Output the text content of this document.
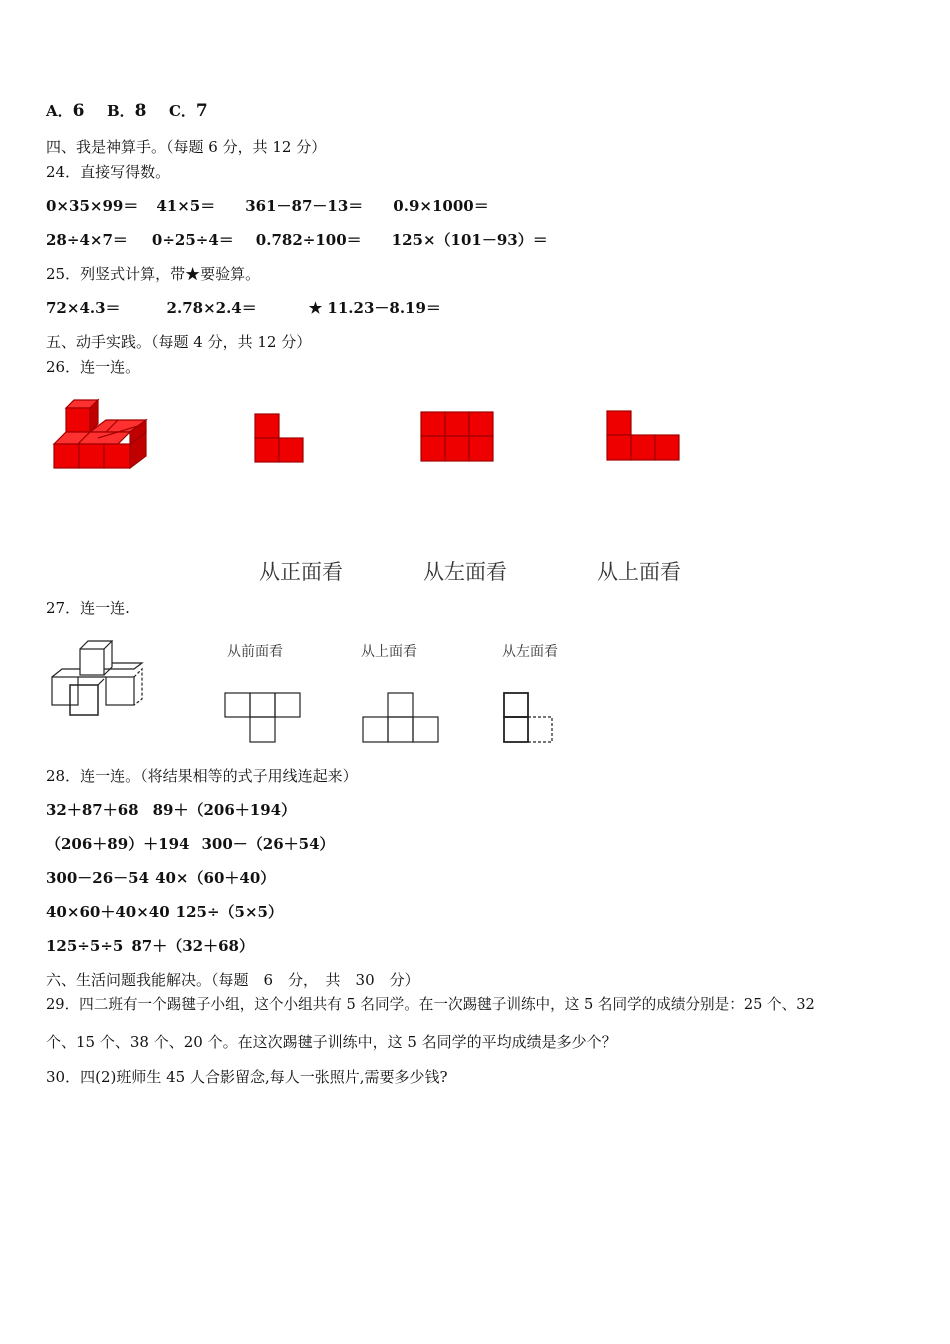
A．6 B．8 C．7
四、我是神算手。（每题 6 分，共 12 分）
24．直接写得数。
0×35×99＝ 41×5＝ 361－87－13＝ 0.9×1000＝
28÷4×7＝ 0÷25÷4＝ 0.782÷100＝ 125×（101－93）＝
25．列竖式计算，带★要验算。
72×4.3＝	2.78×2.4＝	★ 11.23－8.19＝
五、动手实践。（每题 4 分，共 12 分）
26．连一连。
从正面看	从左面看	从上面看
27．连一连.
从前面看	从上面看	从左面看
28．连一连。（将结果相等的式子用线连起来）
32＋87＋68 89＋（206＋194）
（206＋89）＋194 300－（26＋54）
300－26－54 40×（60＋40）
40×60＋40×40 125÷（5×5）
125÷5÷5 87＋（32＋68）
六、生活问题我能解决。（每题　6　分，　共　30　分）
29．四二班有一个踢毽子小组，这个小组共有 5 名同学。在一次踢毽子训练中，这 5 名同学的成绩分别是：25 个、32
个、15 个、38 个、20 个。在这次踢毽子训练中，这 5 名同学的平均成绩是多少个？
30．四(2)班师生 45 人合影留念,每人一张照片,需要多少钱?
